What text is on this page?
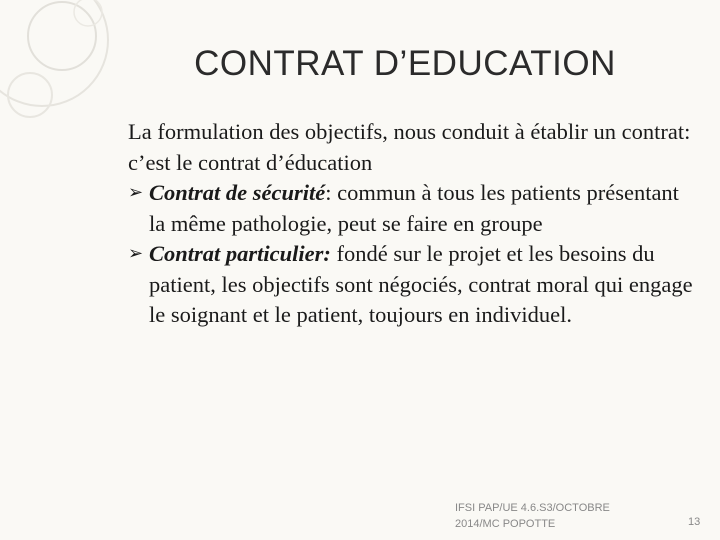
CONTRAT D’EDUCATION

La formulation des objectifs, nous conduit à établir un contrat: c’est le contrat d’éducation

➢ Contrat de sécurité: commun à tous les patients présentant la même pathologie, peut se faire en groupe

➢ Contrat particulier: fondé sur le projet et les besoins du patient, les objectifs sont négociés, contrat moral qui engage le soignant et le patient, toujours en individuel.

IFSI PAP/UE 4.6.S3/OCTOBRE
2014/MC POPOTTE	13
